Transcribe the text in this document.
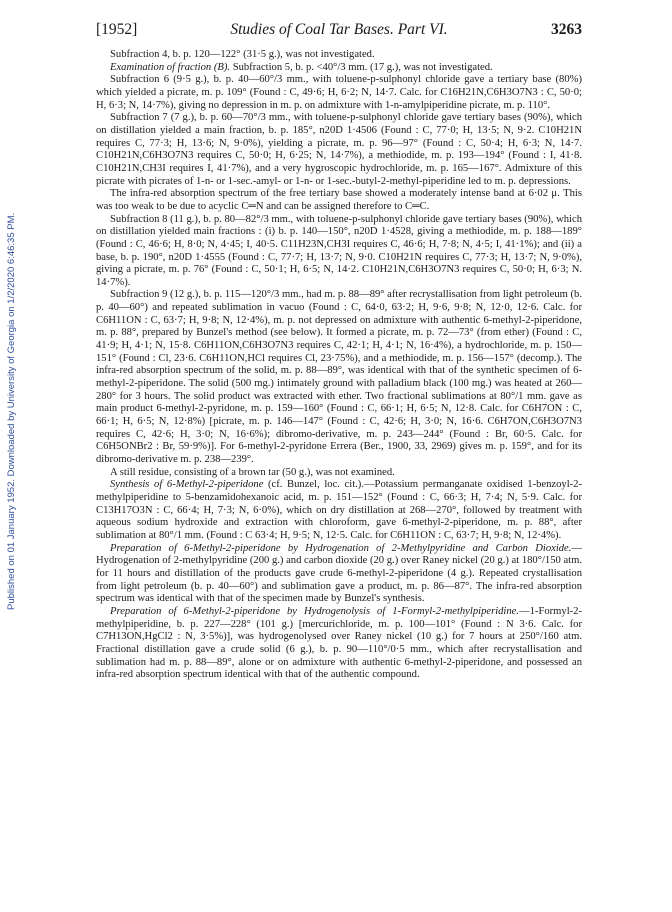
Published on 01 January 1952. Downloaded by University of Georgia on 1/2/2020 6:46:35 PM.
[1952]	Studies of Coal Tar Bases. Part VI.	3263

Subfraction 4, b. p. 120—122° (31·5 g.), was not investigated.

Examination of fraction (B). Subfraction 5, b. p. <40°/3 mm. (17 g.), was not investigated.

Subfraction 6 (9·5 g.), b. p. 40—60°/3 mm., with toluene-p-sulphonyl chloride gave a tertiary base (80%) which yielded a picrate, m. p. 109° (Found : C, 49·6; H, 6·2; N, 14·7. Calc. for C16H21N,C6H3O7N3 : C, 50·0; H, 6·3; N, 14·7%), giving no depression in m. p. on admixture with 1-n-amylpiperidine picrate, m. p. 110°.

Subfraction 7 (7 g.), b. p. 60—70°/3 mm., with toluene-p-sulphonyl chloride gave tertiary bases (90%), which on distillation yielded a main fraction, b. p. 185°, n20D 1·4506 (Found : C, 77·0; H, 13·5; N, 9·2. C10H21N requires C, 77·3; H, 13·6; N, 9·0%), yielding a picrate, m. p. 96—97° (Found : C, 50·4; H, 6·3; N, 14·7. C10H21N,C6H3O7N3 requires C, 50·0; H, 6·25; N, 14·7%), a methiodide, m. p. 193—194° (Found : I, 41·8. C10H21N,CH3I requires I, 41·7%), and a very hygroscopic hydrochloride, m. p. 165—167°. Admixture of this picrate with picrates of 1-n- or 1-sec.-amyl- or 1-n- or 1-sec.-butyl-2-methyl-piperidine led to m. p. depressions.

The infra-red absorption spectrum of the free tertiary base showed a moderately intense band at 6·02 μ. This was too weak to be due to acyclic C═N and can be assigned therefore to C═C.

Subfraction 8 (11 g.), b. p. 80—82°/3 mm., with toluene-p-sulphonyl chloride gave tertiary bases (90%), which on distillation yielded main fractions : (i) b. p. 140—150°, n20D 1·4528, giving a methiodide, m. p. 188—189° (Found : C, 46·6; H, 8·0; N, 4·45; I, 40·5. C11H23N,CH3I requires C, 46·6; H, 7·8; N, 4·5; I, 41·1%); and (ii) a base, b. p. 190°, n20D 1·4555 (Found : C, 77·7; H, 13·7; N, 9·0. C10H21N requires C, 77·3; H, 13·7; N, 9·0%), giving a picrate, m. p. 76° (Found : C, 50·1; H, 6·5; N, 14·2. C10H21N,C6H3O7N3 requires C, 50·0; H, 6·3; N. 14·7%).

Subfraction 9 (12 g.), b. p. 115—120°/3 mm., had m. p. 88—89° after recrystallisation from light petroleum (b. p. 40—60°) and repeated sublimation in vacuo (Found : C, 64·0, 63·2; H, 9·6, 9·8; N, 12·0, 12·6. Calc. for C6H11ON : C, 63·7; H, 9·8; N, 12·4%), m. p. not depressed on admixture with authentic 6-methyl-2-piperidone, m. p. 88°, prepared by Bunzel's method (see below). It formed a picrate, m. p. 72—73° (from ether) (Found : C, 41·9; H, 4·1; N, 15·8. C6H11ON,C6H3O7N3 requires C, 42·1; H, 4·1; N, 16·4%), a hydrochloride, m. p. 150—151° (Found : Cl, 23·6. C6H11ON,HCl requires Cl, 23·75%), and a methiodide, m. p. 156—157° (decomp.). The infra-red absorption spectrum of the solid, m. p. 88—89°, was identical with that of the synthetic specimen of 6-methyl-2-piperidone. The solid (500 mg.) intimately ground with palladium black (100 mg.) was heated at 260—280° for 3 hours. The solid product was extracted with ether. Two fractional sublimations at 80°/1 mm. gave as main product 6-methyl-2-pyridone, m. p. 159—160° (Found : C, 66·1; H, 6·5; N, 12·8. Calc. for C6H7ON : C, 66·1; H, 6·5; N, 12·8%) [picrate, m. p. 146—147° (Found : C, 42·6; H, 3·0; N, 16·6. C6H7ON,C6H3O7N3 requires C, 42·6; H, 3·0; N, 16·6%); dibromo-derivative, m. p. 243—244° (Found : Br, 60·5. Calc. for C6H5ONBr2 : Br, 59·9%)]. For 6-methyl-2-pyridone Errera (Ber., 1900, 33, 2969) gives m. p. 159°, and for its dibromo-derivative m. p. 238—239°.

A still residue, consisting of a brown tar (50 g.), was not examined.

Synthesis of 6-Methyl-2-piperidone (cf. Bunzel, loc. cit.).—Potassium permanganate oxidised 1-benzoyl-2-methylpiperidine to 5-benzamidohexanoic acid, m. p. 151—152° (Found : C, 66·3; H, 7·4; N, 5·9. Calc. for C13H17O3N : C, 66·4; H, 7·3; N, 6·0%), which on dry distillation at 268—270°, followed by treatment with aqueous sodium hydroxide and extraction with chloroform, gave 6-methyl-2-piperidone, m. p. 88°, after sublimation at 80°/1 mm. (Found : C 63·4; H, 9·5; N, 12·5. Calc. for C6H11ON : C, 63·7; H, 9·8; N, 12·4%).

Preparation of 6-Methyl-2-piperidone by Hydrogenation of 2-Methylpyridine and Carbon Dioxide.—Hydrogenation of 2-methylpyridine (200 g.) and carbon dioxide (20 g.) over Raney nickel (20 g.) at 180°/150 atm. for 11 hours and distillation of the products gave crude 6-methyl-2-piperidone (4 g.). Repeated crystallisation from light petroleum (b. p. 40—60°) and sublimation gave a product, m. p. 86—87°. The infra-red absorption spectrum was identical with that of the specimen made by Bunzel's synthesis.

Preparation of 6-Methyl-2-piperidone by Hydrogenolysis of 1-Formyl-2-methylpiperidine.—1-Formyl-2-methylpiperidine, b. p. 227—228° (101 g.) [mercurichloride, m. p. 100—101° (Found : N 3·6. Calc. for C7H13ON,HgCl2 : N, 3·5%)], was hydrogenolysed over Raney nickel (10 g.) for 7 hours at 250°/160 atm. Fractional distillation gave a crude solid (6 g.), b. p. 90—110°/0·5 mm., which after recrystallisation and sublimation had m. p. 88—89°, alone or on admixture with authentic 6-methyl-2-piperidone, and possessed an infra-red absorption spectrum identical with that of the authentic compound.
